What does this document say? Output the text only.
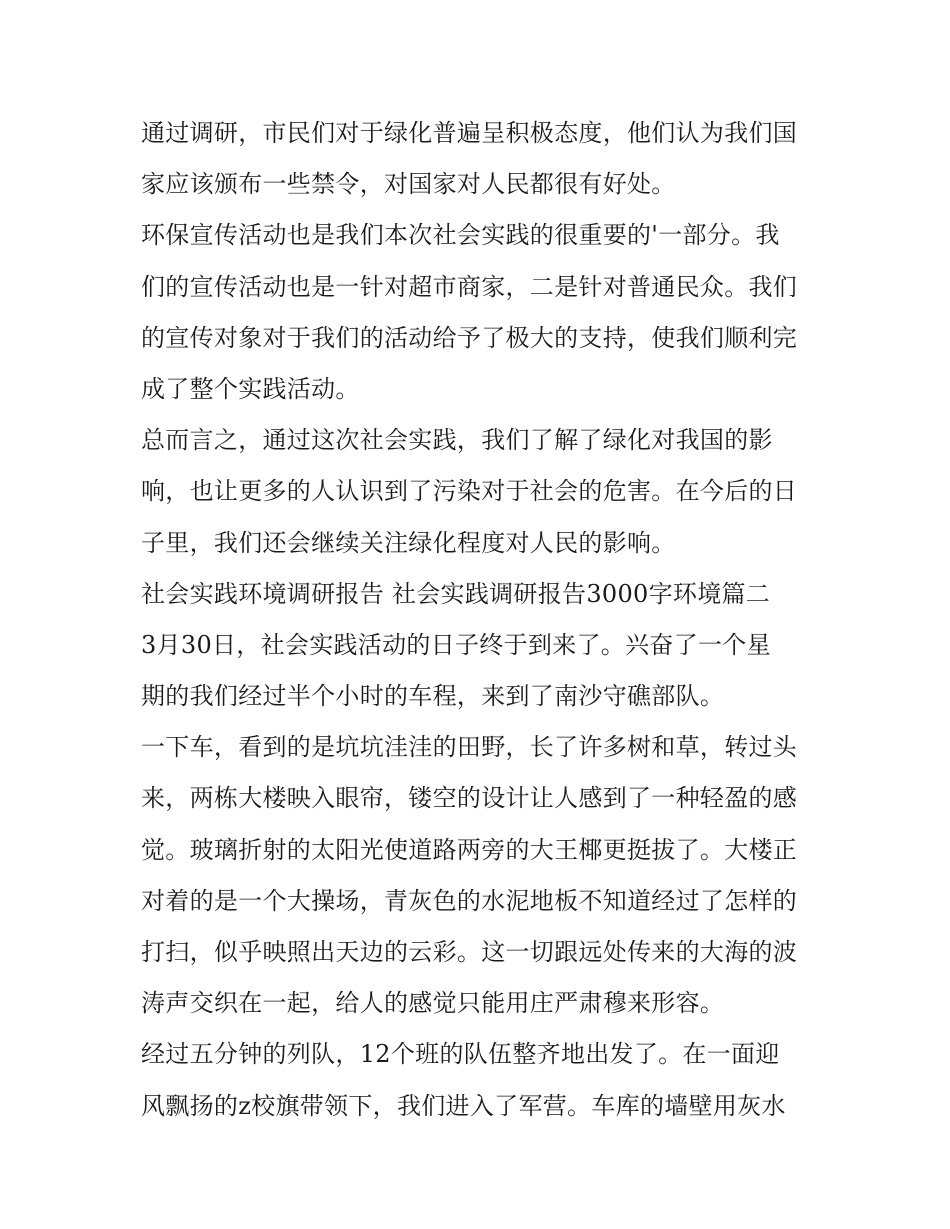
通过调研，市民们对于绿化普遍呈积极态度，他们认为我们国
家应该颁布一些禁令，对国家对人民都很有好处。
环保宣传活动也是我们本次社会实践的很重要的'一部分。我
们的宣传活动也是一针对超市商家，二是针对普通民众。我们
的宣传对象对于我们的活动给予了极大的支持，使我们顺利完
成了整个实践活动。
总而言之，通过这次社会实践，我们了解了绿化对我国的影
响，也让更多的人认识到了污染对于社会的危害。在今后的日
子里，我们还会继续关注绿化程度对人民的影响。
社会实践环境调研报告 社会实践调研报告3000字环境篇二
3月30日，社会实践活动的日子终于到来了。兴奋了一个星
期的我们经过半个小时的车程，来到了南沙守礁部队。
一下车，看到的是坑坑洼洼的田野，长了许多树和草，转过头
来，两栋大楼映入眼帘，镂空的设计让人感到了一种轻盈的感
觉。玻璃折射的太阳光使道路两旁的大王椰更挺拔了。大楼正
对着的是一个大操场，青灰色的水泥地板不知道经过了怎样的
打扫，似乎映照出天边的云彩。这一切跟远处传来的大海的波
涛声交织在一起，给人的感觉只能用庄严肃穆来形容。
经过五分钟的列队，12个班的队伍整齐地出发了。在一面迎
风飘扬的z校旗带领下，我们进入了军营。车库的墙壁用灰水
